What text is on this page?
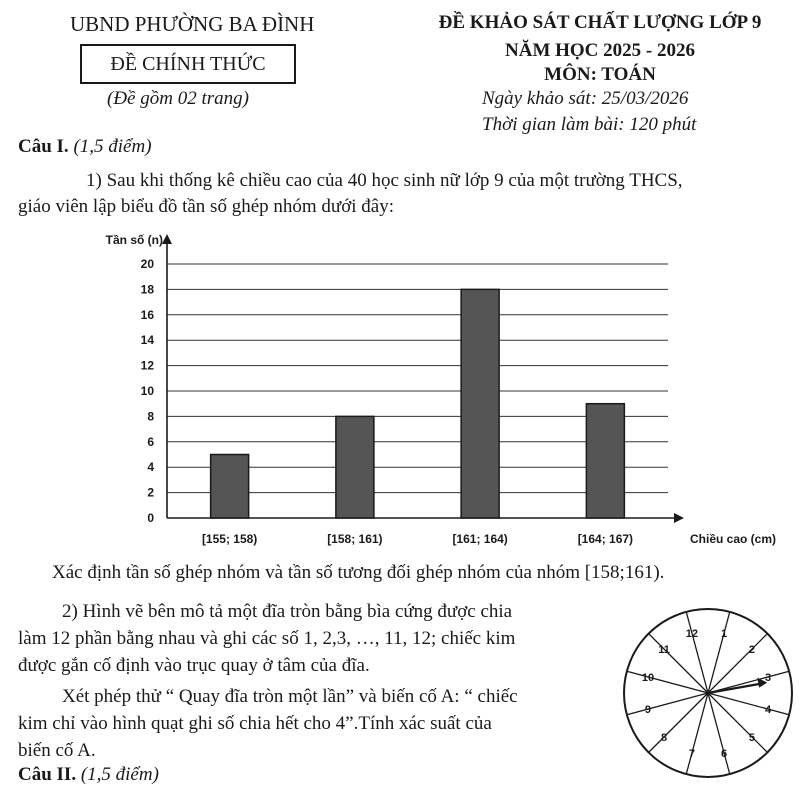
UBND PHƯỜNG BA ĐÌNH
ĐỀ CHÍNH THỨC
(Đề gồm 02 trang)
ĐỀ KHẢO SÁT CHẤT LƯỢNG LỚP 9
NĂM HỌC 2025 - 2026
MÔN: TOÁN
Ngày khảo sát: 25/03/2026
Thời gian làm bài: 120 phút
Câu I. (1,5 điểm)
1) Sau khi thống kê chiều cao của 40 học sinh nữ lớp 9 của một trường THCS,
giáo viên lập biểu đồ tần số ghép nhóm dưới đây:
0
2
4
6
8
10
12
14
16
18
20
Tần số (n)
Chiều cao (cm)
[155; 158)	[158; 161)	[161; 164)	[164; 167)
Xác định tần số ghép nhóm và tần số tương đối ghép nhóm của nhóm [158;161).
2) Hình vẽ bên mô tả một đĩa tròn bằng bìa cứng được chia
làm 12 phần bằng nhau và ghi các số 1, 2,3, …, 11, 12; chiếc kim
được gắn cố định vào trục quay ở tâm của đĩa.
Xét phép thử “ Quay đĩa tròn một lần” và biến cố A: “ chiếc
kim chỉ vào hình quạt ghi số chia hết cho 4”.Tính xác suất của
biến cố A.
12 1
2
3
4
5
6
7
8
9
10
11
Câu II. (1,5 điểm)
